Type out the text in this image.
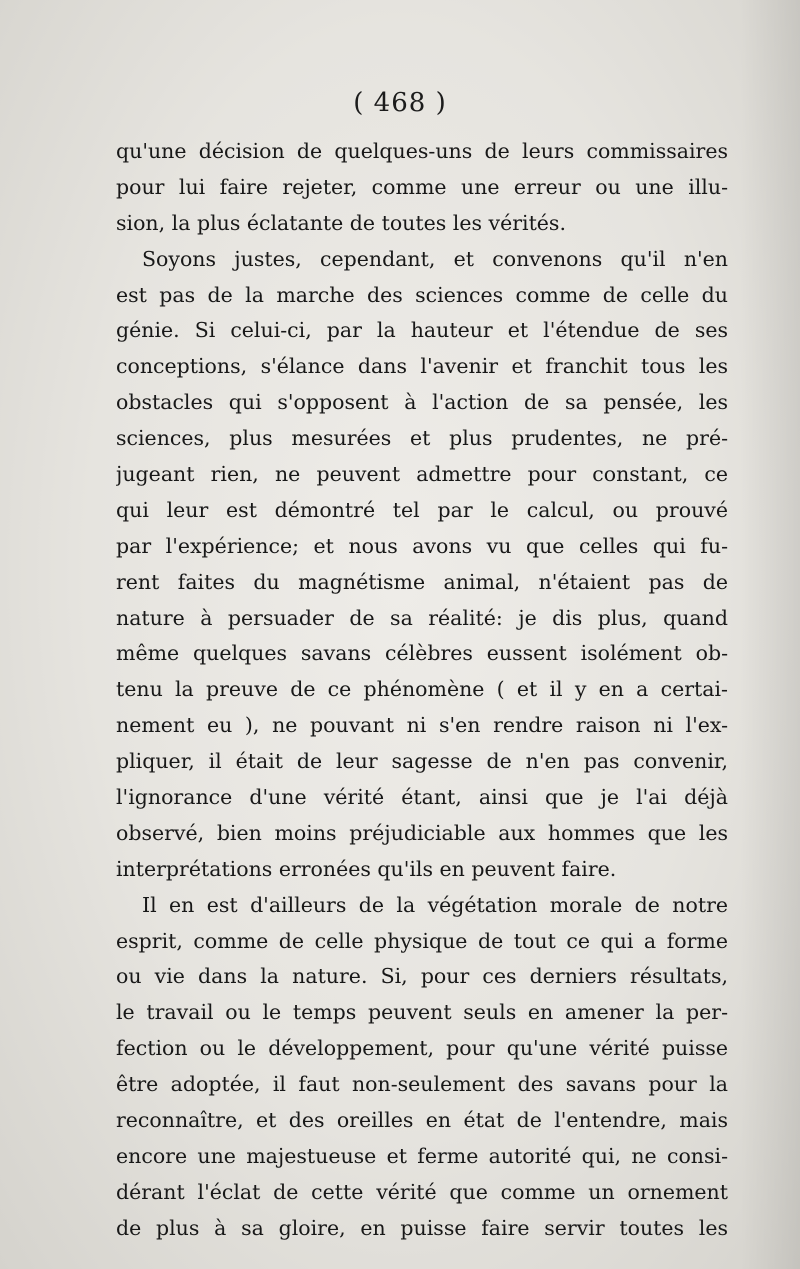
( 468 )
qu'une décision de quelques-uns de leurs commissaires
pour lui faire rejeter, comme une erreur ou une illu-
sion, la plus éclatante de toutes les vérités.
Soyons justes, cependant, et convenons qu'il n'en
est pas de la marche des sciences comme de celle du
génie. Si celui-ci, par la hauteur et l'étendue de ses
conceptions, s'élance dans l'avenir et franchit tous les
obstacles qui s'opposent à l'action de sa pensée, les
sciences, plus mesurées et plus prudentes, ne pré-
jugeant rien, ne peuvent admettre pour constant, ce
qui leur est démontré tel par le calcul, ou prouvé
par l'expérience; et nous avons vu que celles qui fu-
rent faites du magnétisme animal, n'étaient pas de
nature à persuader de sa réalité: je dis plus, quand
même quelques savans célèbres eussent isolément ob-
tenu la preuve de ce phénomène ( et il y en a certai-
nement eu ), ne pouvant ni s'en rendre raison ni l'ex-
pliquer, il était de leur sagesse de n'en pas convenir,
l'ignorance d'une vérité étant, ainsi que je l'ai déjà
observé, bien moins préjudiciable aux hommes que les
interprétations erronées qu'ils en peuvent faire.
Il en est d'ailleurs de la végétation morale de notre
esprit, comme de celle physique de tout ce qui a forme
ou vie dans la nature. Si, pour ces derniers résultats,
le travail ou le temps peuvent seuls en amener la per-
fection ou le développement, pour qu'une vérité puisse
être adoptée, il faut non-seulement des savans pour la
reconnaître, et des oreilles en état de l'entendre, mais
encore une majestueuse et ferme autorité qui, ne consi-
dérant l'éclat de cette vérité que comme un ornement
de plus à sa gloire, en puisse faire servir toutes les
